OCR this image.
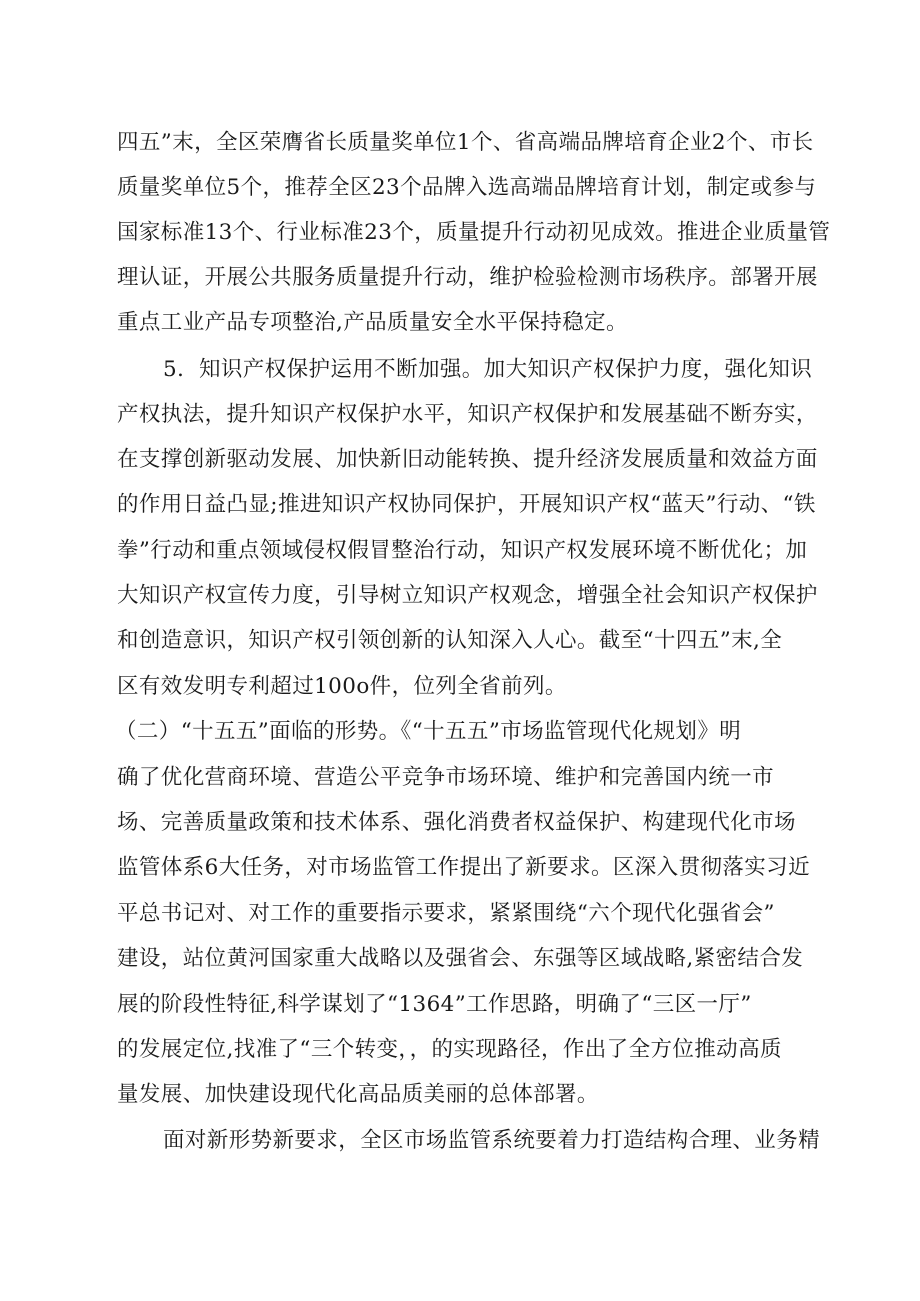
四五”末，全区荣膺省长质量奖单位1个、省高端品牌培育企业2个、市长
质量奖单位5个，推荐全区23个品牌入选高端品牌培育计划，制定或参与
国家标准13个、行业标准23个，质量提升行动初见成效。推进企业质量管
理认证，开展公共服务质量提升行动，维护检验检测市场秩序。部署开展
重点工业产品专项整治,产品质量安全水平保持稳定。
5．知识产权保护运用不断加强。加大知识产权保护力度，强化知识
产权执法，提升知识产权保护水平，知识产权保护和发展基础不断夯实，
在支撑创新驱动发展、加快新旧动能转换、提升经济发展质量和效益方面
的作用日益凸显;推进知识产权协同保护，开展知识产权“蓝天”行动、“铁
拳”行动和重点领域侵权假冒整治行动，知识产权发展环境不断优化；加
大知识产权宣传力度，引导树立知识产权观念，增强全社会知识产权保护
和创造意识，知识产权引领创新的认知深入人心。截至“十四五”末,全
区有效发明专利超过100o件，位列全省前列。
（二）“十五五”面临的形势。《“十五五”市场监管现代化规划》明
确了优化营商环境、营造公平竞争市场环境、维护和完善国内统一市
场、完善质量政策和技术体系、强化消费者权益保护、构建现代化市场
监管体系6大任务，对市场监管工作提出了新要求。区深入贯彻落实习近
平总书记对、对工作的重要指示要求，紧紧围绕“六个现代化强省会”
建设，站位黄河国家重大战略以及强省会、东强等区域战略,紧密结合发
展的阶段性特征,科学谋划了“1364”工作思路，明确了“三区一厅”
的发展定位,找准了“三个转变，，的实现路径，作出了全方位推动高质
量发展、加快建设现代化高品质美丽的总体部署。
面对新形势新要求，全区市场监管系统要着力打造结构合理、业务精
